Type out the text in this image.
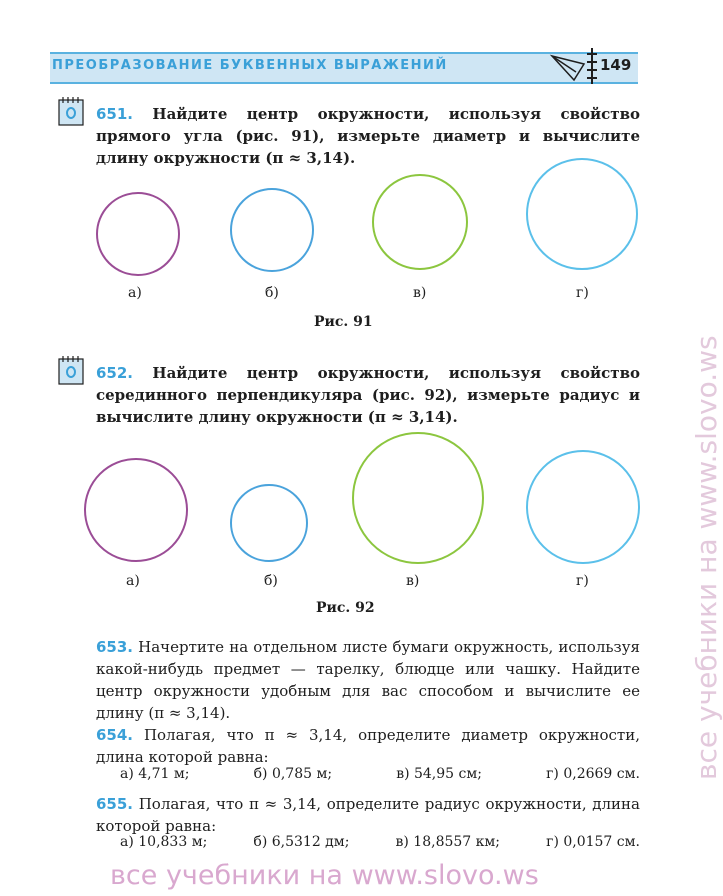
ПРЕОБРАЗОВАНИЕ БУКВЕННЫХ ВЫРАЖЕНИЙ	149

651. Найдите центр окружности, используя свойство прямого угла (рис. 91), измерьте диаметр и вычислите длину окружности (π ≈ 3,14).

а)	б)	в)	г)
Рис. 91

652. Найдите центр окружности, используя свойство серединного перпендикуляра (рис. 92), измерьте радиус и вычислите длину окружности (π ≈ 3,14).

а)	б)	в)	г)
Рис. 92

653. Начертите на отдельном листе бумаги окружность, используя какой-нибудь предмет — тарелку, блюдце или чашку. Найдите центр окружности удобным для вас способом и вычислите ее длину (π ≈ 3,14).

654. Полагая, что π ≈ 3,14, определите диаметр окружности, длина которой равна:

а) 4,71 м;	б) 0,785 м;	в) 54,95 см;	г) 0,2669 см.

655. Полагая, что π ≈ 3,14, определите радиус окружности, длина которой равна:

а) 10,833 м;	б) 6,5312 дм;	в) 18,8557 км;	г) 0,0157 см.
все учебники на www.slovo.ws
все учебники на www.slovo.ws
